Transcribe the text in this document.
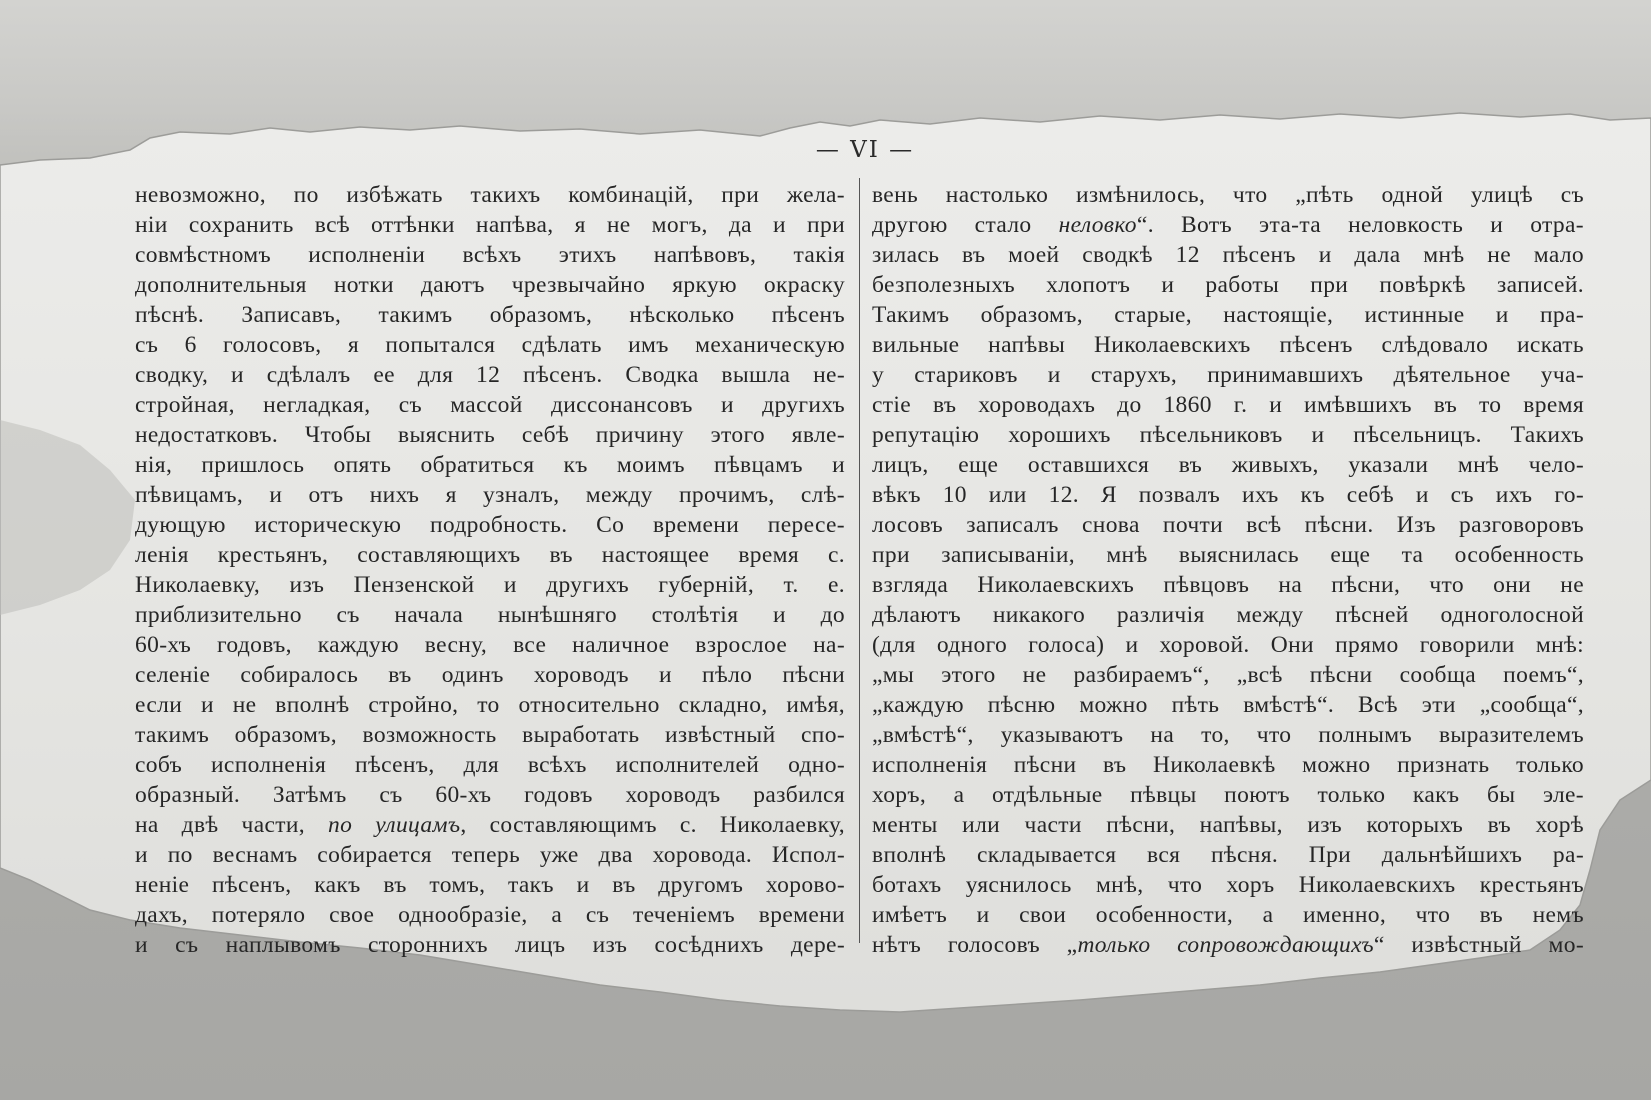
— VI —
невозможно, по избѣжать такихъ комбинацій, при жела-
ніи сохранить всѣ оттѣнки напѣва, я не могъ, да и при
совмѣстномъ исполненіи всѣхъ этихъ напѣвовъ, такія
дополнительныя нотки даютъ чрезвычайно яркую окраску
пѣснѣ. Записавъ, такимъ образомъ, нѣсколько пѣсенъ
съ 6 голосовъ, я попытался сдѣлать имъ механическую
сводку, и сдѣлалъ ее для 12 пѣсенъ. Сводка вышла не-
стройная, негладкая, съ массой диссонансовъ и другихъ
недостатковъ. Чтобы выяснить себѣ причину этого явле-
нія, пришлось опять обратиться къ моимъ пѣвцамъ и
пѣвицамъ, и отъ нихъ я узналъ, между прочимъ, слѣ-
дующую историческую подробность. Со времени пересе-
ленія крестьянъ, составляющихъ въ настоящее время с.
Николаевку, изъ Пензенской и другихъ губерній, т. е.
приблизительно съ начала нынѣшняго столѣтія и до
60-хъ годовъ, каждую весну, все наличное взрослое на-
селеніе собиралось въ одинъ хороводъ и пѣло пѣсни
если и не вполнѣ стройно, то относительно складно, имѣя,
такимъ образомъ, возможность выработать извѣстный спо-
собъ исполненія пѣсенъ, для всѣхъ исполнителей одно-
образный. Затѣмъ съ 60-хъ годовъ хороводъ разбился
на двѣ части, по улицамъ, составляющимъ с. Николаевку,
и по веснамъ собирается теперь уже два хоровода. Испол-
неніе пѣсенъ, какъ въ томъ, такъ и въ другомъ хорово-
дахъ, потеряло свое однообразіе, а съ теченіемъ времени
и съ наплывомъ стороннихъ лицъ изъ сосѣднихъ дере-
вень настолько измѣнилось, что „пѣть одной улицѣ съ
другою стало неловко“. Вотъ эта-та неловкость и отра-
зилась въ моей сводкѣ 12 пѣсенъ и дала мнѣ не мало
безполезныхъ хлопотъ и работы при повѣркѣ записей.
Такимъ образомъ, старые, настоящіе, истинные и пра-
вильные напѣвы Николаевскихъ пѣсенъ слѣдовало искать
у стариковъ и старухъ, принимавшихъ дѣятельное уча-
стіе въ хороводахъ до 1860 г. и имѣвшихъ въ то время
репутацію хорошихъ пѣсельниковъ и пѣсельницъ. Такихъ
лицъ, еще оставшихся въ живыхъ, указали мнѣ чело-
вѣкъ 10 или 12. Я позвалъ ихъ къ себѣ и съ ихъ го-
лосовъ записалъ снова почти всѣ пѣсни. Изъ разговоровъ
при записываніи, мнѣ выяснилась еще та особенность
взгляда Николаевскихъ пѣвцовъ на пѣсни, что они не
дѣлаютъ никакого различія между пѣсней одноголосной
(для одного голоса) и хоровой. Они прямо говорили мнѣ:
„мы этого не разбираемъ“, „всѣ пѣсни сообща поемъ“,
„каждую пѣсню можно пѣть вмѣстѣ“. Всѣ эти „сообща“,
„вмѣстѣ“, указываютъ на то, что полнымъ выразителемъ
исполненія пѣсни въ Николаевкѣ можно признать только
хоръ, а отдѣльные пѣвцы поютъ только какъ бы эле-
менты или части пѣсни, напѣвы, изъ которыхъ въ хорѣ
вполнѣ складывается вся пѣсня. При дальнѣйшихъ ра-
ботахъ уяснилось мнѣ, что хоръ Николаевскихъ крестьянъ
имѣетъ и свои особенности, а именно, что въ немъ
нѣтъ голосовъ „только сопровождающихъ“ извѣстный мо-
